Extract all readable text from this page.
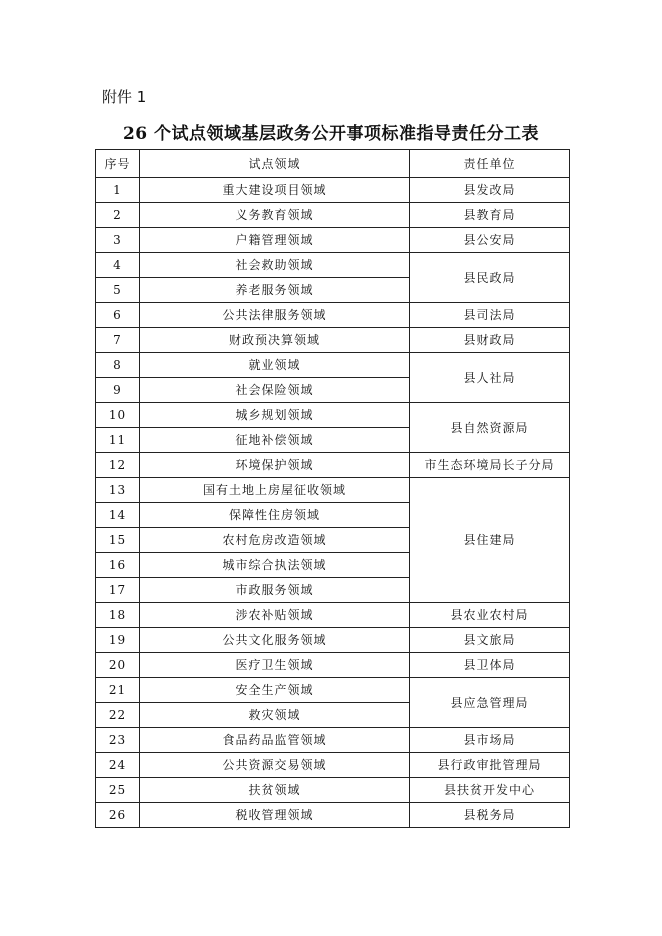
附件 1
26 个试点领域基层政务公开事项标准指导责任分工表
序号	试点领域	责任单位
1	重大建设项目领域	县发改局
2	义务教育领域	县教育局
3	户籍管理领域	县公安局
4	社会救助领域	县民政局
5	养老服务领域	
6	公共法律服务领域	县司法局
7	财政预决算领域	县财政局
8	就业领域	县人社局
9	社会保险领域	
10	城乡规划领域	县自然资源局
11	征地补偿领域	
12	环境保护领域	市生态环境局长子分局
13	国有土地上房屋征收领域	县住建局
14	保障性住房领域	
15	农村危房改造领域	
16	城市综合执法领域	
17	市政服务领域	
18	涉农补贴领域	县农业农村局
19	公共文化服务领域	县文旅局
20	医疗卫生领域	县卫体局
21	安全生产领域	县应急管理局
22	救灾领域	
23	食品药品监管领域	县市场局
24	公共资源交易领域	县行政审批管理局
25	扶贫领域	县扶贫开发中心
26	税收管理领域	县税务局
